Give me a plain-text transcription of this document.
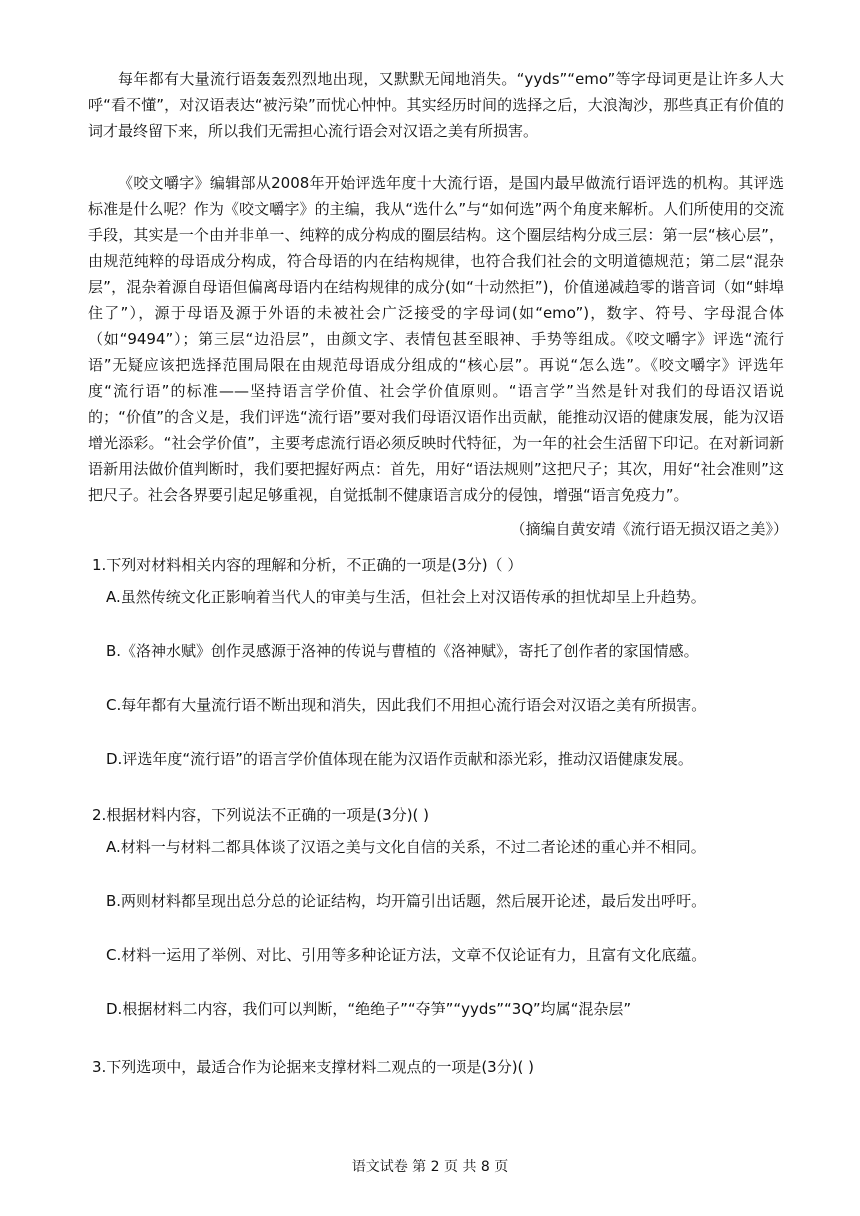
每年都有大量流行语轰轰烈烈地出现，又默默无闻地消失。“yyds”“emo”等字母词更是让许多人大呼“看不懂”，对汉语表达“被污染”而忧心忡忡。其实经历时间的选择之后，大浪淘沙，那些真正有价值的词才最终留下来，所以我们无需担心流行语会对汉语之美有所损害。

《咬文嚼字》编辑部从2008年开始评选年度十大流行语，是国内最早做流行语评选的机构。其评选标准是什么呢？作为《咬文嚼字》的主编，我从“选什么”与“如何选”两个角度来解析。人们所使用的交流手段，其实是一个由并非单一、纯粹的成分构成的圈层结构。这个圈层结构分成三层：第一层“核心层”，由规范纯粹的母语成分构成，符合母语的内在结构规律，也符合我们社会的文明道德规范；第二层“混杂层”，混杂着源自母语但偏离母语内在结构规律的成分(如“十动然拒”)，价值递减趋零的谐音词（如“蚌埠住了”），源于母语及源于外语的未被社会广泛接受的字母词(如“emo”)，数字、符号、字母混合体（如“9494”）；第三层“边沿层”，由颜文字、表情包甚至眼神、手势等组成。《咬文嚼字》评选“流行语”无疑应该把选择范围局限在由规范母语成分组成的“核心层”。再说“怎么选”。《咬文嚼字》评选年度“流行语”的标准——坚持语言学价值、社会学价值原则。“语言学”当然是针对我们的母语汉语说的；“价值”的含义是，我们评选“流行语”要对我们母语汉语作出贡献，能推动汉语的健康发展，能为汉语增光添彩。“社会学价值”，主要考虑流行语必须反映时代特征，为一年的社会生活留下印记。在对新词新语新用法做价值判断时，我们要把握好两点：首先，用好“语法规则”这把尺子；其次，用好“社会准则”这把尺子。社会各界要引起足够重视，自觉抵制不健康语言成分的侵蚀，增强“语言免疫力”。

（摘编自黄安靖《流行语无损汉语之美》）

1.下列对材料相关内容的理解和分析，不正确的一项是(3分)（ ）

A.虽然传统文化正影响着当代人的审美与生活，但社会上对汉语传承的担忧却呈上升趋势。

B.《洛神水赋》创作灵感源于洛神的传说与曹植的《洛神赋》，寄托了创作者的家国情感。

C.每年都有大量流行语不断出现和消失，因此我们不用担心流行语会对汉语之美有所损害。

D.评选年度“流行语”的语言学价值体现在能为汉语作贡献和添光彩，推动汉语健康发展。

2.根据材料内容，下列说法不正确的一项是(3分)( )

A.材料一与材料二都具体谈了汉语之美与文化自信的关系，不过二者论述的重心并不相同。

B.两则材料都呈现出总分总的论证结构，均开篇引出话题，然后展开论述，最后发出呼吁。

C.材料一运用了举例、对比、引用等多种论证方法，文章不仅论证有力，且富有文化底蕴。

D.根据材料二内容，我们可以判断，“绝绝子”“夺笋”“yyds”“3Q”均属“混杂层”

3.下列选项中，最适合作为论据来支撑材料二观点的一项是(3分)( )

语文试卷 第 2 页 共 8 页
